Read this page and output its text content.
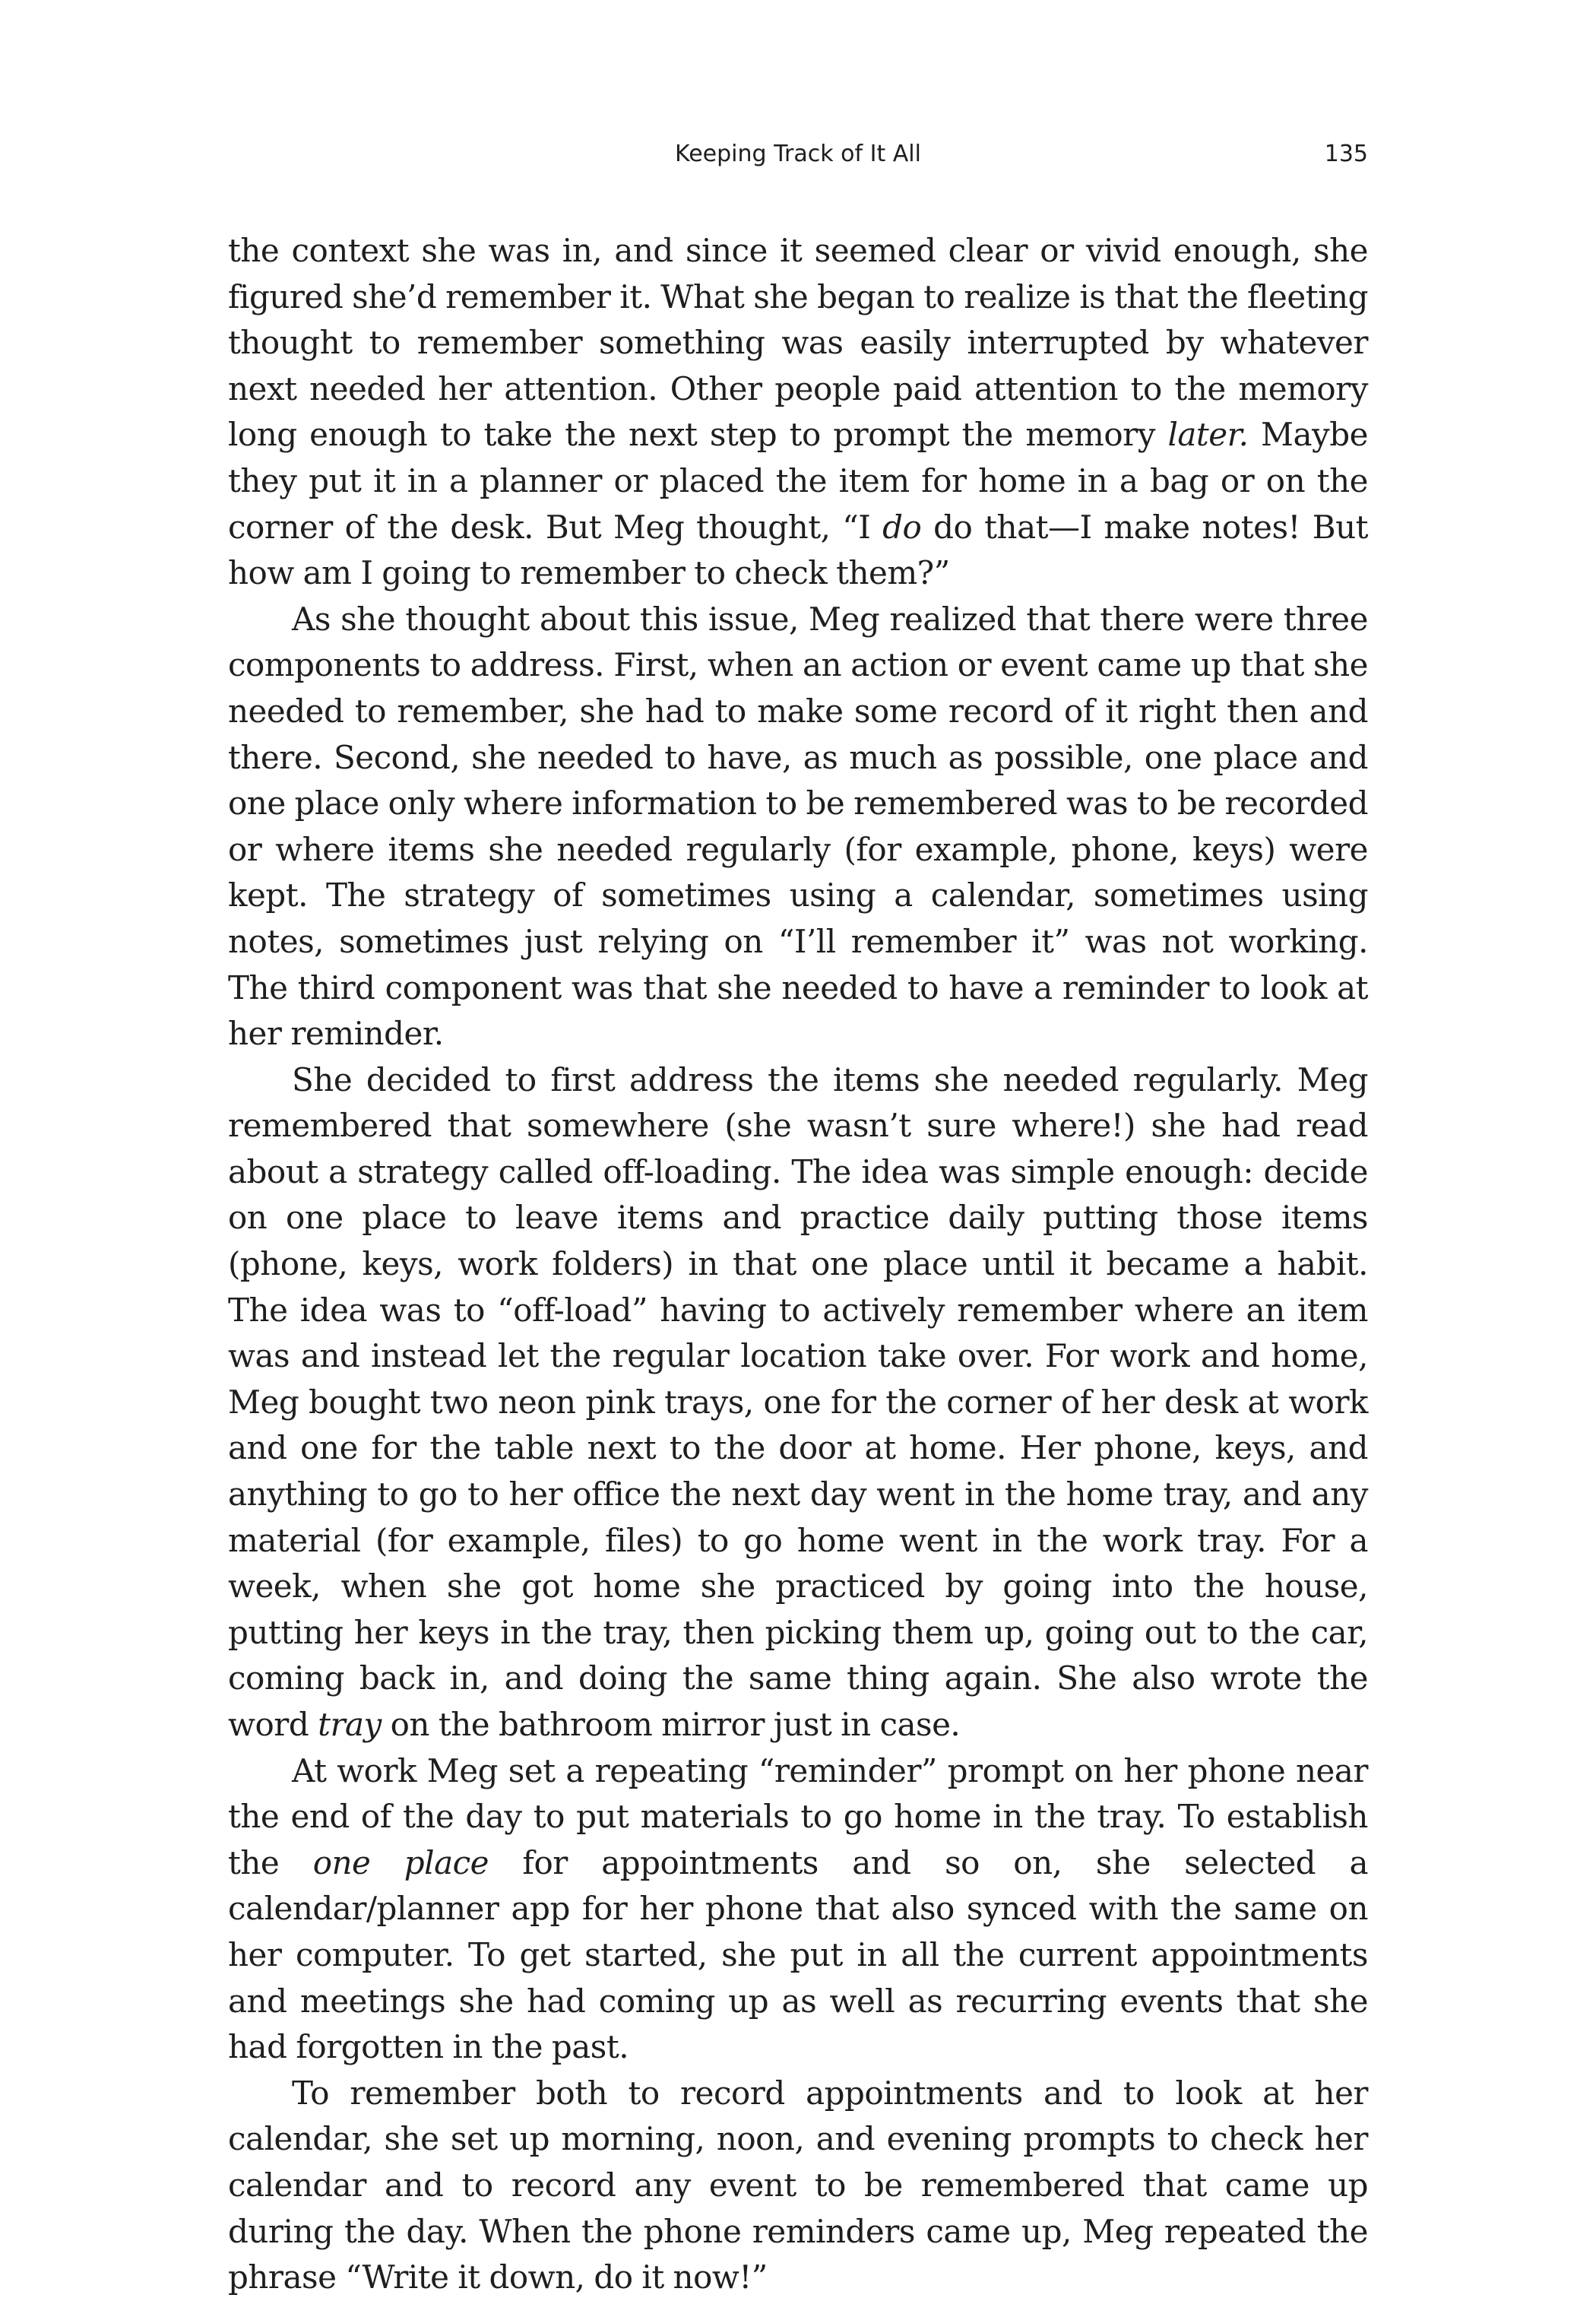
Keeping Track of It All	135

the context she was in, and since it seemed clear or vivid enough, she figured she’d remember it. What she began to realize is that the fleeting thought to remember something was easily interrupted by whatever next needed her attention. Other people paid attention to the memory long enough to take the next step to prompt the memory later. Maybe they put it in a planner or placed the item for home in a bag or on the corner of the desk. But Meg thought, “I do do that—I make notes! But how am I going to remember to check them?”

As she thought about this issue, Meg realized that there were three components to address. First, when an action or event came up that she needed to remember, she had to make some record of it right then and there. Second, she needed to have, as much as possible, one place and one place only where information to be remembered was to be recorded or where items she needed regularly (for example, phone, keys) were kept. The strategy of sometimes using a calendar, sometimes using notes, sometimes just relying on “I’ll remember it” was not working. The third component was that she needed to have a reminder to look at her reminder.

She decided to first address the items she needed regularly. Meg remembered that somewhere (she wasn’t sure where!) she had read about a strategy called off-loading. The idea was simple enough: decide on one place to leave items and practice daily putting those items (phone, keys, work folders) in that one place until it became a habit. The idea was to “off-load” having to actively remember where an item was and instead let the regular location take over. For work and home, Meg bought two neon pink trays, one for the corner of her desk at work and one for the table next to the door at home. Her phone, keys, and anything to go to her office the next day went in the home tray, and any material (for example, files) to go home went in the work tray. For a week, when she got home she practiced by going into the house, putting her keys in the tray, then picking them up, going out to the car, coming back in, and doing the same thing again. She also wrote the word tray on the bathroom mirror just in case.

At work Meg set a repeating “reminder” prompt on her phone near the end of the day to put materials to go home in the tray. To establish the one place for appointments and so on, she selected a calendar/planner app for her phone that also synced with the same on her computer. To get started, she put in all the current appointments and meetings she had coming up as well as recurring events that she had forgotten in the past.

To remember both to record appointments and to look at her calendar, she set up morning, noon, and evening prompts to check her calendar and to record any event to be remembered that came up during the day. When the phone reminders came up, Meg repeated the phrase “Write it down, do it now!”
